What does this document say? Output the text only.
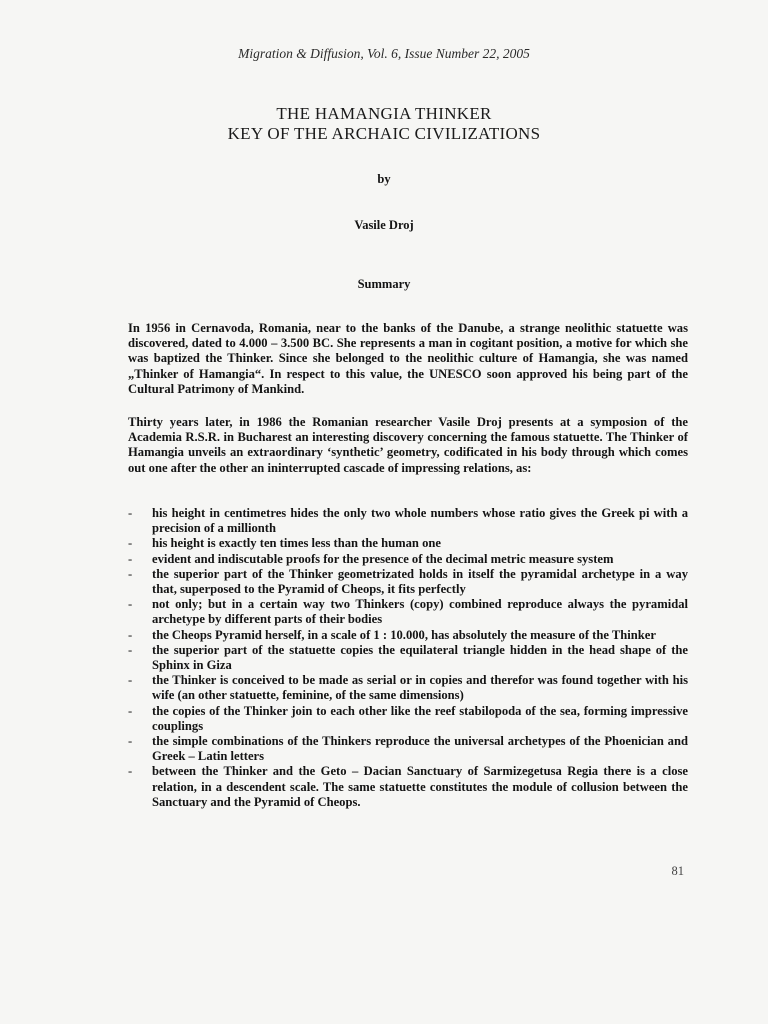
Migration & Diffusion, Vol. 6, Issue Number 22, 2005
THE HAMANGIA THINKER
KEY OF THE ARCHAIC CIVILIZATIONS
by
Vasile Droj
Summary
In 1956 in Cernavoda, Romania, near to the banks of the Danube, a strange neolithic statuette was discovered, dated to 4.000 – 3.500 BC. She represents a man in cogitant position, a motive for which she was baptized the Thinker. Since she belonged to the neolithic culture of Hamangia, she was named „Thinker of Hamangia“. In respect to this value, the UNESCO soon approved his being part of the Cultural Patrimony of Mankind.
Thirty years later, in 1986 the Romanian researcher Vasile Droj presents at a symposion of the Academia R.S.R. in Bucharest an interesting discovery concerning the famous statuette. The Thinker of Hamangia unveils an extraordinary ‘synthetic’ geometry, codificated in his body through which comes out one after the other an ininterrupted cascade of impressing relations, as:
- his height in centimetres hides the only two whole numbers whose ratio gives the Greek pi with a precision of a millionth
- his height is exactly ten times less than the human one
- evident and indiscutable proofs for the presence of the decimal metric measure system
- the superior part of the Thinker geometrizated holds in itself the pyramidal archetype in a way that, superposed to the Pyramid of Cheops, it fits perfectly
- not only; but in a certain way two Thinkers (copy) combined reproduce always the pyramidal archetype by different parts of their bodies
- the Cheops Pyramid herself, in a scale of 1 : 10.000, has absolutely the measure of the Thinker
- the superior part of the statuette copies the equilateral triangle hidden in the head shape of the Sphinx in Giza
- the Thinker is conceived to be made as serial or in copies and therefor was found together with his wife (an other statuette, feminine, of the same dimensions)
- the copies of the Thinker join to each other like the reef stabilopoda of the sea, forming impressive couplings
- the simple combinations of the Thinkers reproduce the universal archetypes of the Phoenician and Greek – Latin letters
- between the Thinker and the Geto – Dacian Sanctuary of Sarmizegetusa Regia there is a close relation, in a descendent scale. The same statuette constitutes the module of collusion between the Sanctuary and the Pyramid of Cheops.
81
